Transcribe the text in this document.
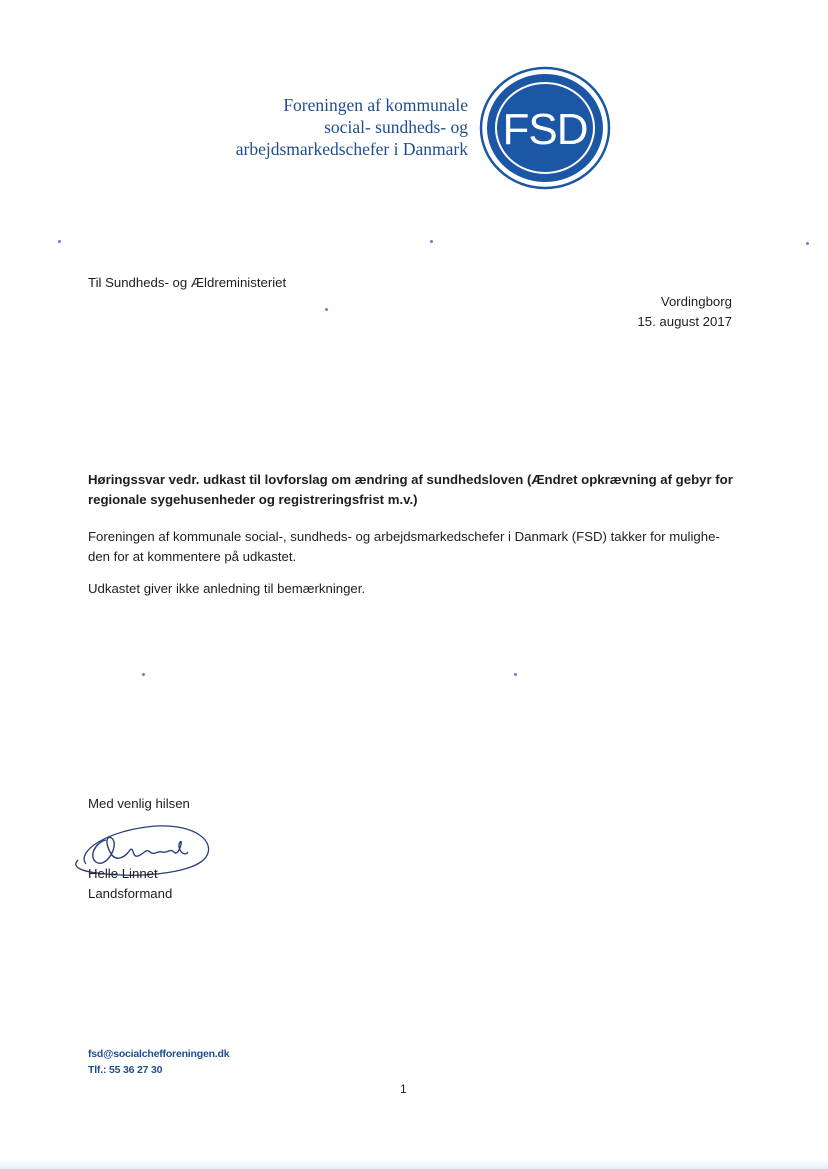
Foreningen af kommunale
social- sundheds- og
arbejdsmarkedschefer i Danmark FSD
Til Sundheds- og Ældreministeriet
Vordingborg
15. august 2017
Høringssvar vedr. udkast til lovforslag om ændring af sundhedsloven (Ændret opkrævning af gebyr for regionale sygehusenheder og registreringsfrist m.v.)
Foreningen af kommunale social-, sundheds- og arbejdsmarkedschefer i Danmark (FSD) takker for mulighe-den for at kommentere på udkastet.
Udkastet giver ikke anledning til bemærkninger.
Med venlig hilsen
Helle Linnet
Landsformand
fsd@socialchefforeningen.dk
Tlf.: 55 36 27 30
1
